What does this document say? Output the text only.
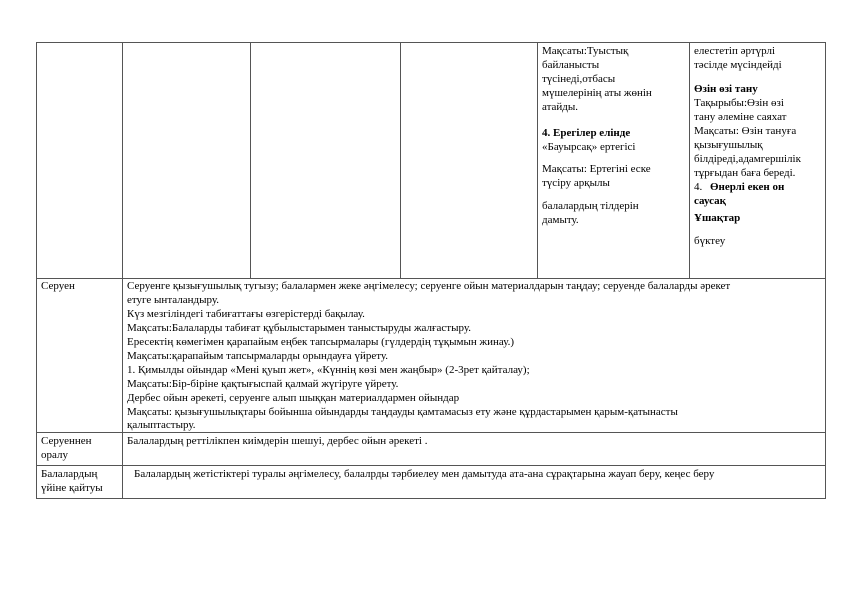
Мақсаты:Туыстық
байланысты
түсінеді,отбасы
мүшелерінің аты жөнін
атайды.
4. Ерегілер елінде
«Бауырсақ» ертегісі
Мақсаты: Ертегіні еске
түсіру арқылы
балалардың тілдерін
дамыту.
елестетіп әртүрлі
тәсілде мүсіндейді
Өзін өзі тану
Тақырыбы:Өзін өзі
тану әлеміне саяхат
Мақсаты: Өзін тануға
қызығушылық
білдіреді,адамгершілік
тұрғыдан баға береді.
4. Өнерлі екен он
саусақ
Ұшақтар
бүктеу
Серуен	Серуенге қызығушылық тугызу; балалармен жеке әңгімелесу; серуенге ойын материалдарын таңдау; серуенде балаларды әрекет
етуге ынталандыру.
Күз мезгіліндегі табиғаттағы өзгерістерді бақылау.
Мақсаты:Балаларды табиғат құбылыстарымен таныстыруды жалғастыру.
Ересектің көмегімен қарапайым еңбек тапсырмалары (гүлдердің тұқымын жинау.)
Мақсаты:қарапайым тапсырмаларды орындауға үйрету.
1. Қимылды ойындар «Мені қуып жет», «Күннің көзі мен жаңбыр» (2-3рет қайталау);
Мақсаты:Бір-біріне қақтығыспай қалмай жүгіруге үйрету.
Дербес ойын әрекеті, серуенге алып шыққан материалдармен ойындар
Мақсаты: қызығушылықтары бойынша ойындарды таңдауды қамтамасыз ету және құрдастарымен қарым-қатынасты
қалыптастыру.
Серуеннен
оралу
Балалардың реттілікпен киімдерін шешуі, дербес ойын әрекеті .
Балалардың
үйіне қайтуы
Балалардың жетістіктері туралы әңгімелесу, балалрды тәрбиелеу мен дамытуда ата-ана сұрақтарына жауап беру, кеңес беру
